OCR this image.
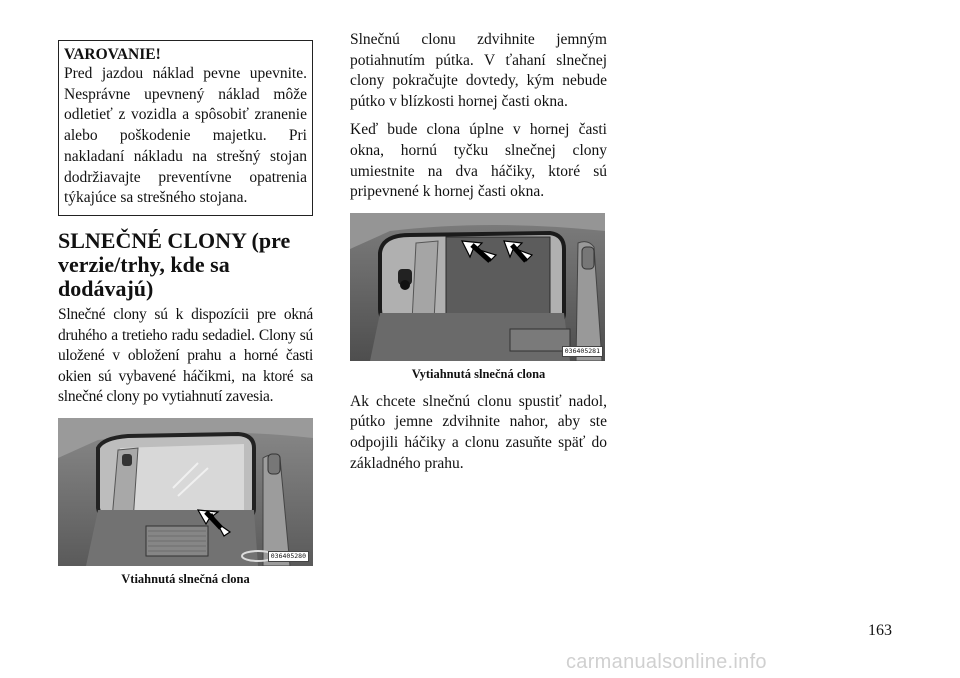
VAROVANIE!

Pred jazdou náklad pevne upevnite. Nesprávne upevnený náklad môže odletieť z vozidla a spôsobiť zranenie alebo poškodenie majetku. Pri nakladaní nákladu na strešný stojan dodržiavajte preventívne opatrenia týkajúce sa strešného stojana.

SLNEČNÉ CLONY (pre verzie/trhy, kde sa dodávajú)

Slnečné clony sú k dispozícii pre okná druhého a tretieho radu sedadiel. Clony sú uložené v obložení prahu a horné časti okien sú vybavené háčikmi, na ktoré sa slnečné clony po vytiahnutí zavesia.

036405280

Vtiahnutá slnečná clona

Slnečnú clonu zdvihnite jemným potiahnutím pútka. V ťahaní slnečnej clony pokračujte dovtedy, kým nebude pútko v blízkosti hornej časti okna.

Keď bude clona úplne v hornej časti okna, hornú tyčku slnečnej clony umiestnite na dva háčiky, ktoré sú pripevnené k hornej časti okna.

036405281

Vytiahnutá slnečná clona

Ak chcete slnečnú clonu spustiť nadol, pútko jemne zdvihnite nahor, aby ste odpojili háčiky a clonu zasuňte späť do základného prahu.

163
carmanualsonline.info
